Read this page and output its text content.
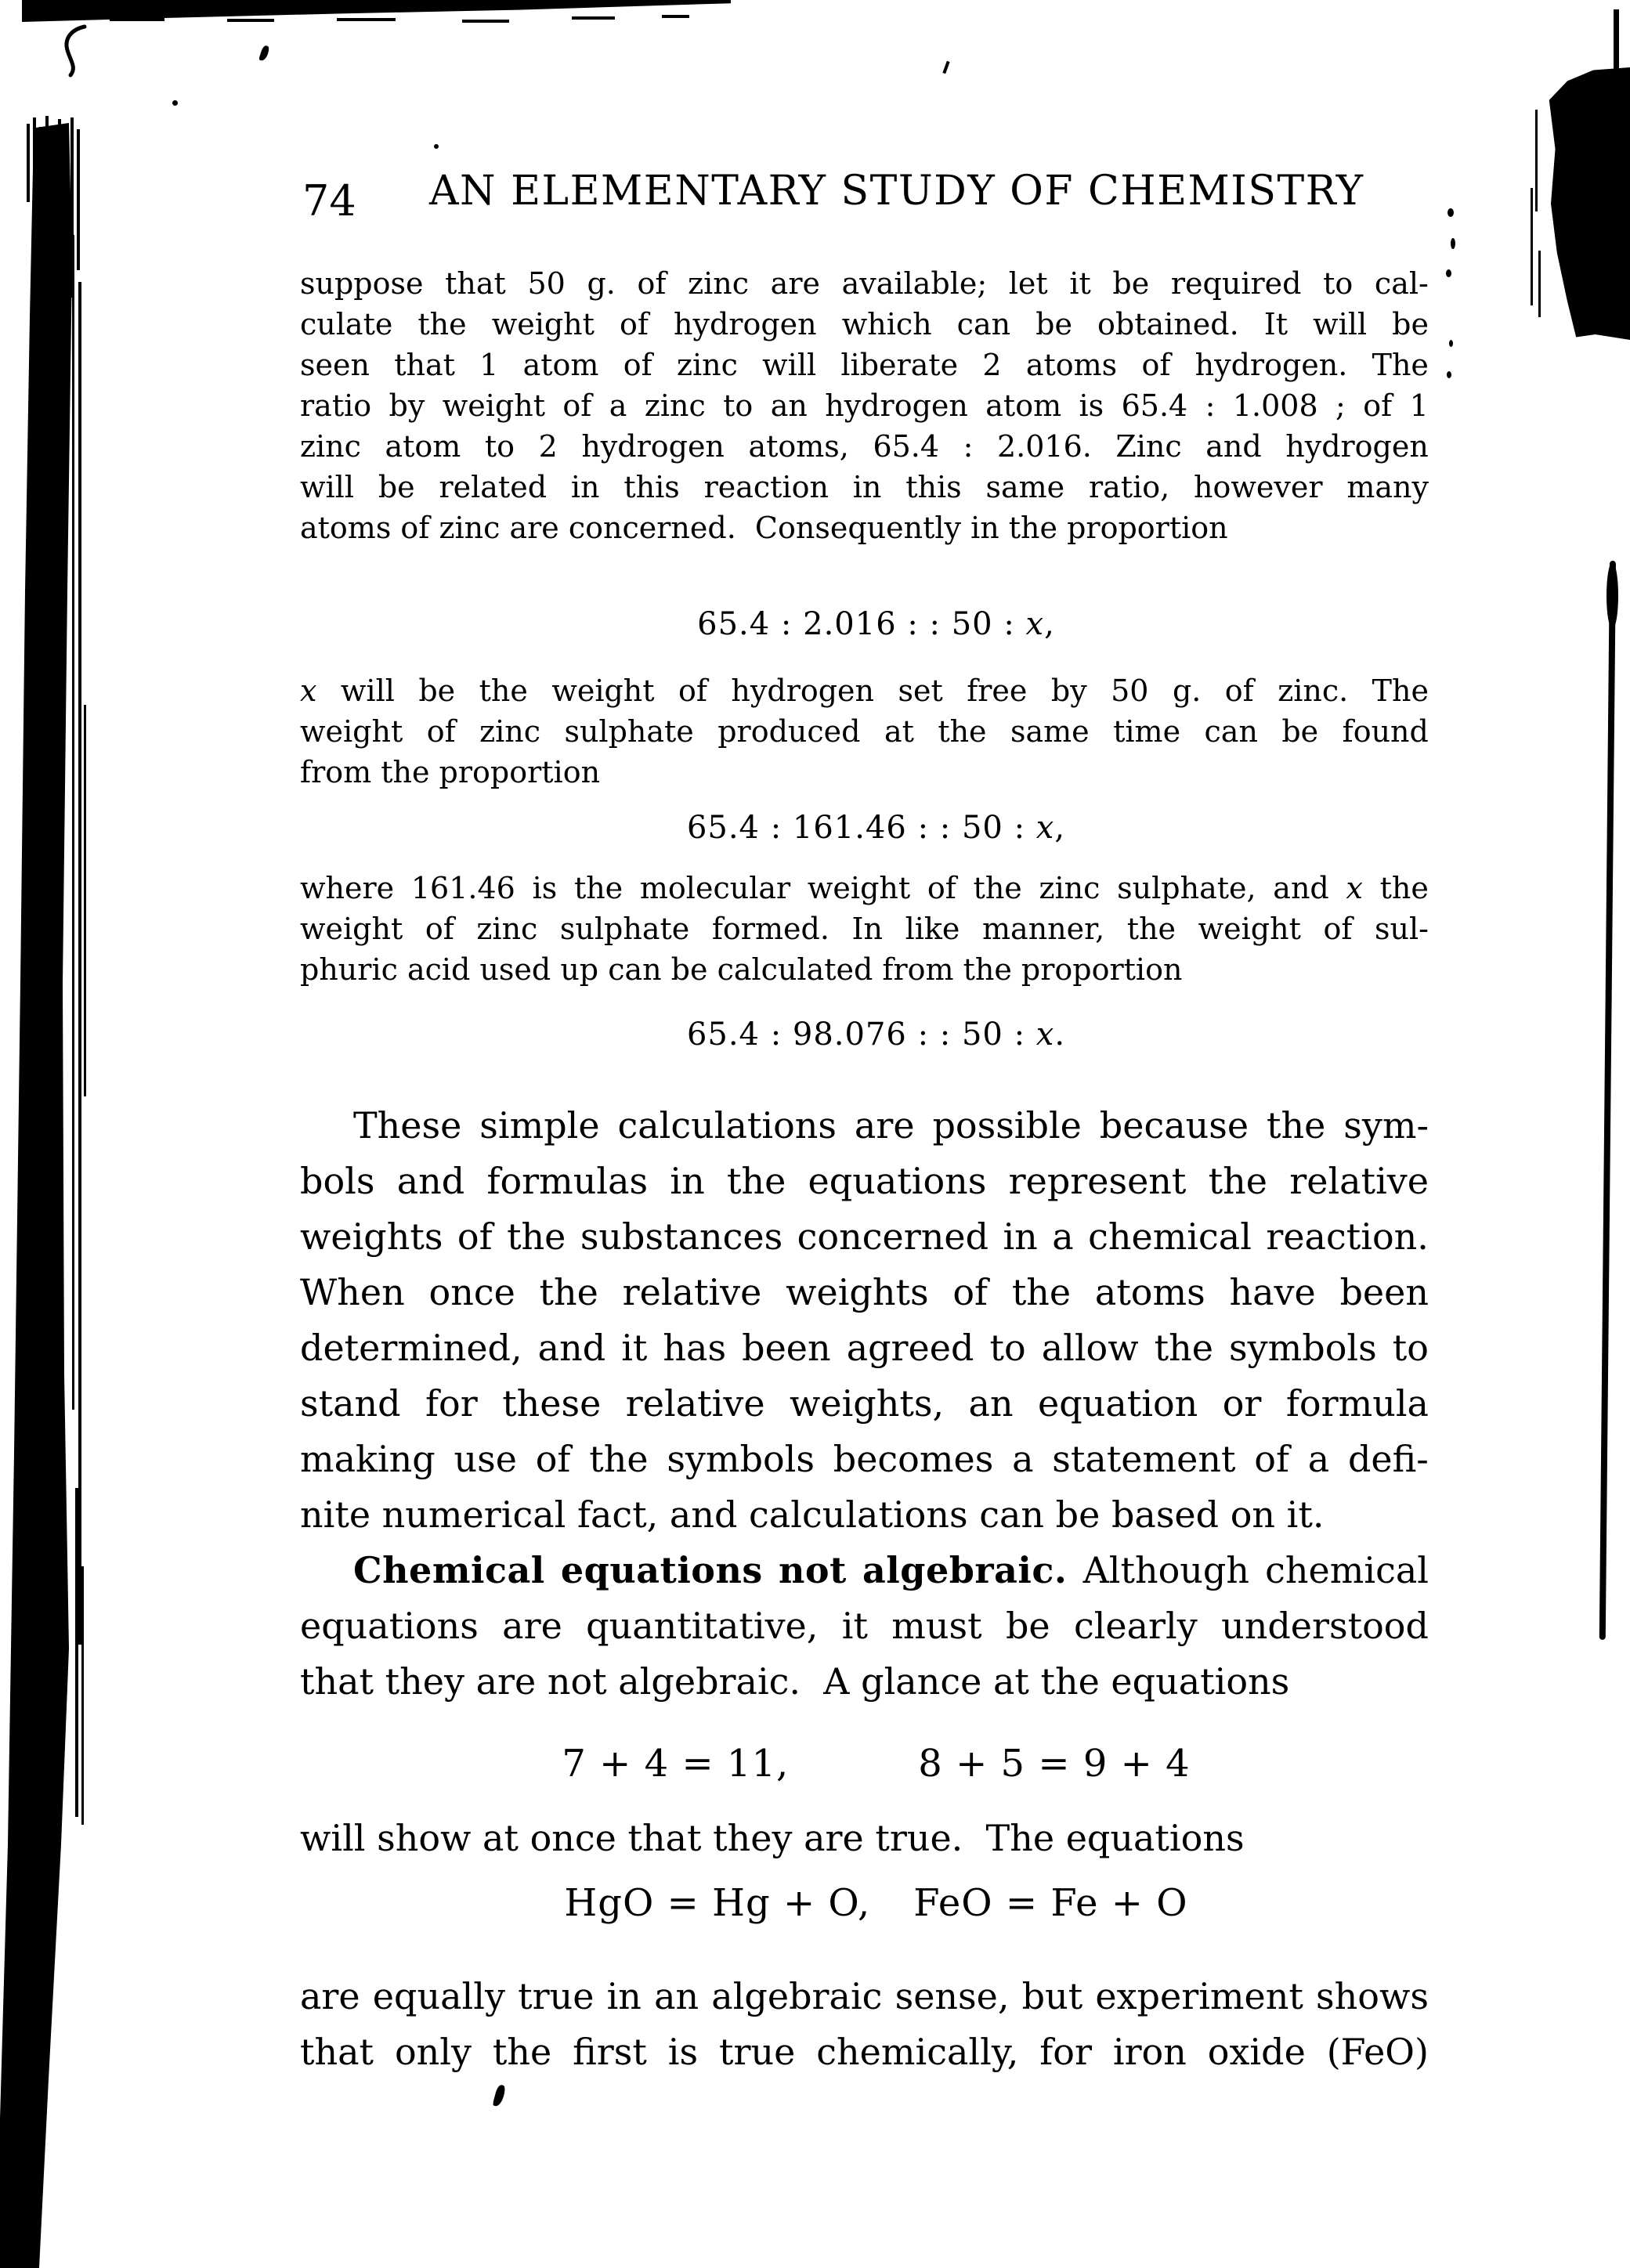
74 AN ELEMENTARY STUDY OF CHEMISTRY
suppose that 50 g. of zinc are available; let it be required to cal-
culate the weight of hydrogen which can be obtained. It will be
seen that 1 atom of zinc will liberate 2 atoms of hydrogen. The
ratio by weight of a zinc to an hydrogen atom is 65.4 : 1.008 ; of 1
zinc atom to 2 hydrogen atoms, 65.4 : 2.016. Zinc and hydrogen
will be related in this reaction in this same ratio, however many
atoms of zinc are concerned.  Consequently in the proportion
65.4 : 2.016 : : 50 : x,
x will be the weight of hydrogen set free by 50 g. of zinc. The
weight of zinc sulphate produced at the same time can be found
from the proportion
65.4 : 161.46 : : 50 : x,
where 161.46 is the molecular weight of the zinc sulphate, and x the
weight of zinc sulphate formed. In like manner, the weight of sul-
phuric acid used up can be calculated from the proportion
65.4 : 98.076 : : 50 : x.
These simple calculations are possible because the sym-
bols and formulas in the equations represent the relative
weights of the substances concerned in a chemical reaction.
When once the relative weights of the atoms have been
determined, and it has been agreed to allow the symbols to
stand for these relative weights, an equation or formula
making use of the symbols becomes a statement of a defi-
nite numerical fact, and calculations can be based on it.
Chemical equations not algebraic. Although chemical
equations are quantitative, it must be clearly understood
that they are not algebraic.  A glance at the equations
7 + 4 = 11,	8 + 5 = 9 + 4
will show at once that they are true.  The equations
HgO = Hg + O, FeO = Fe + O
are equally true in an algebraic sense, but experiment shows
that only the first is true chemically, for iron oxide (FeO)
